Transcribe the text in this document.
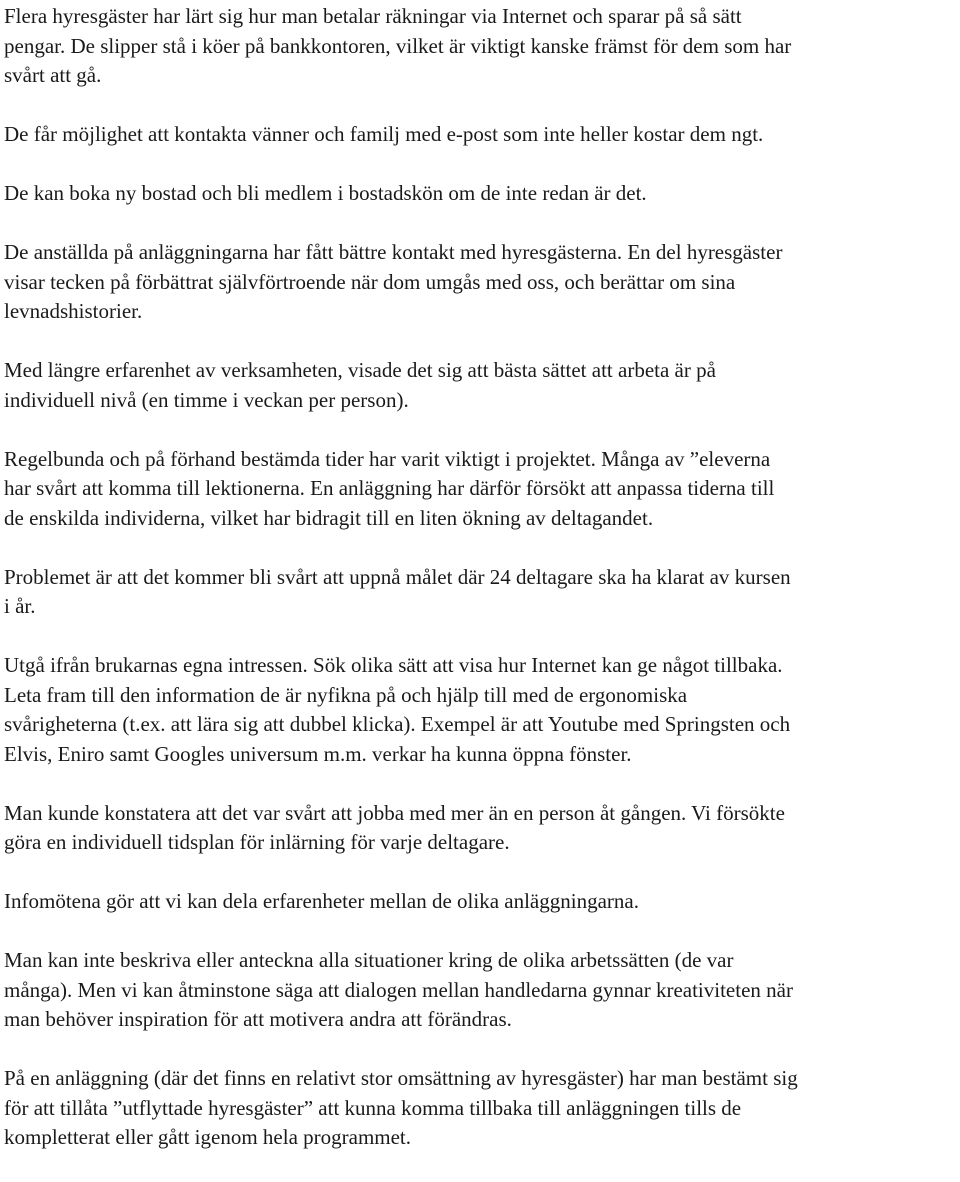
Flera hyresgäster har lärt sig hur man betalar räkningar via Internet och sparar på så sätt
pengar. De slipper stå i köer på bankkontoren, vilket är viktigt kanske främst för dem som har
svårt att gå.
De får möjlighet att kontakta vänner och familj med e-post som inte heller kostar dem ngt.
De kan boka ny bostad och bli medlem i bostadskön om de inte redan är det.
De anställda på anläggningarna har fått bättre kontakt med hyresgästerna. En del hyresgäster
visar tecken på förbättrat självförtroende när dom umgås med oss, och berättar om sina
levnadshistorier.
Med längre erfarenhet av verksamheten, visade det sig att bästa sättet att arbeta är på
individuell nivå (en timme i veckan per person).
Regelbunda och på förhand bestämda tider har varit viktigt i projektet. Många av ”eleverna
har svårt att komma till lektionerna. En anläggning har därför försökt att anpassa tiderna till
de enskilda individerna, vilket har bidragit till en liten ökning av deltagandet.
Problemet är att det kommer bli svårt att uppnå målet där 24 deltagare ska ha klarat av kursen
i år.
Utgå ifrån brukarnas egna intressen. Sök olika sätt att visa hur Internet kan ge något tillbaka.
Leta fram till den information de är nyfikna på och hjälp till med de ergonomiska
svårigheterna (t.ex. att lära sig att dubbel klicka). Exempel är att Youtube med Springsten och
Elvis, Eniro samt Googles universum m.m. verkar ha kunna öppna fönster.
Man kunde konstatera att det var svårt att jobba med mer än en person åt gången. Vi försökte
göra en individuell tidsplan för inlärning för varje deltagare.
Infomötena gör att vi kan dela erfarenheter mellan de olika anläggningarna.
Man kan inte beskriva eller anteckna alla situationer kring de olika arbetssätten (de var
många). Men vi kan åtminstone säga att dialogen mellan handledarna gynnar kreativiteten när
man behöver inspiration för att motivera andra att förändras.
På en anläggning (där det finns en relativt stor omsättning av hyresgäster) har man bestämt sig
för att tillåta ”utflyttade hyresgäster” att kunna komma tillbaka till anläggningen tills de
kompletterat eller gått igenom hela programmet.
